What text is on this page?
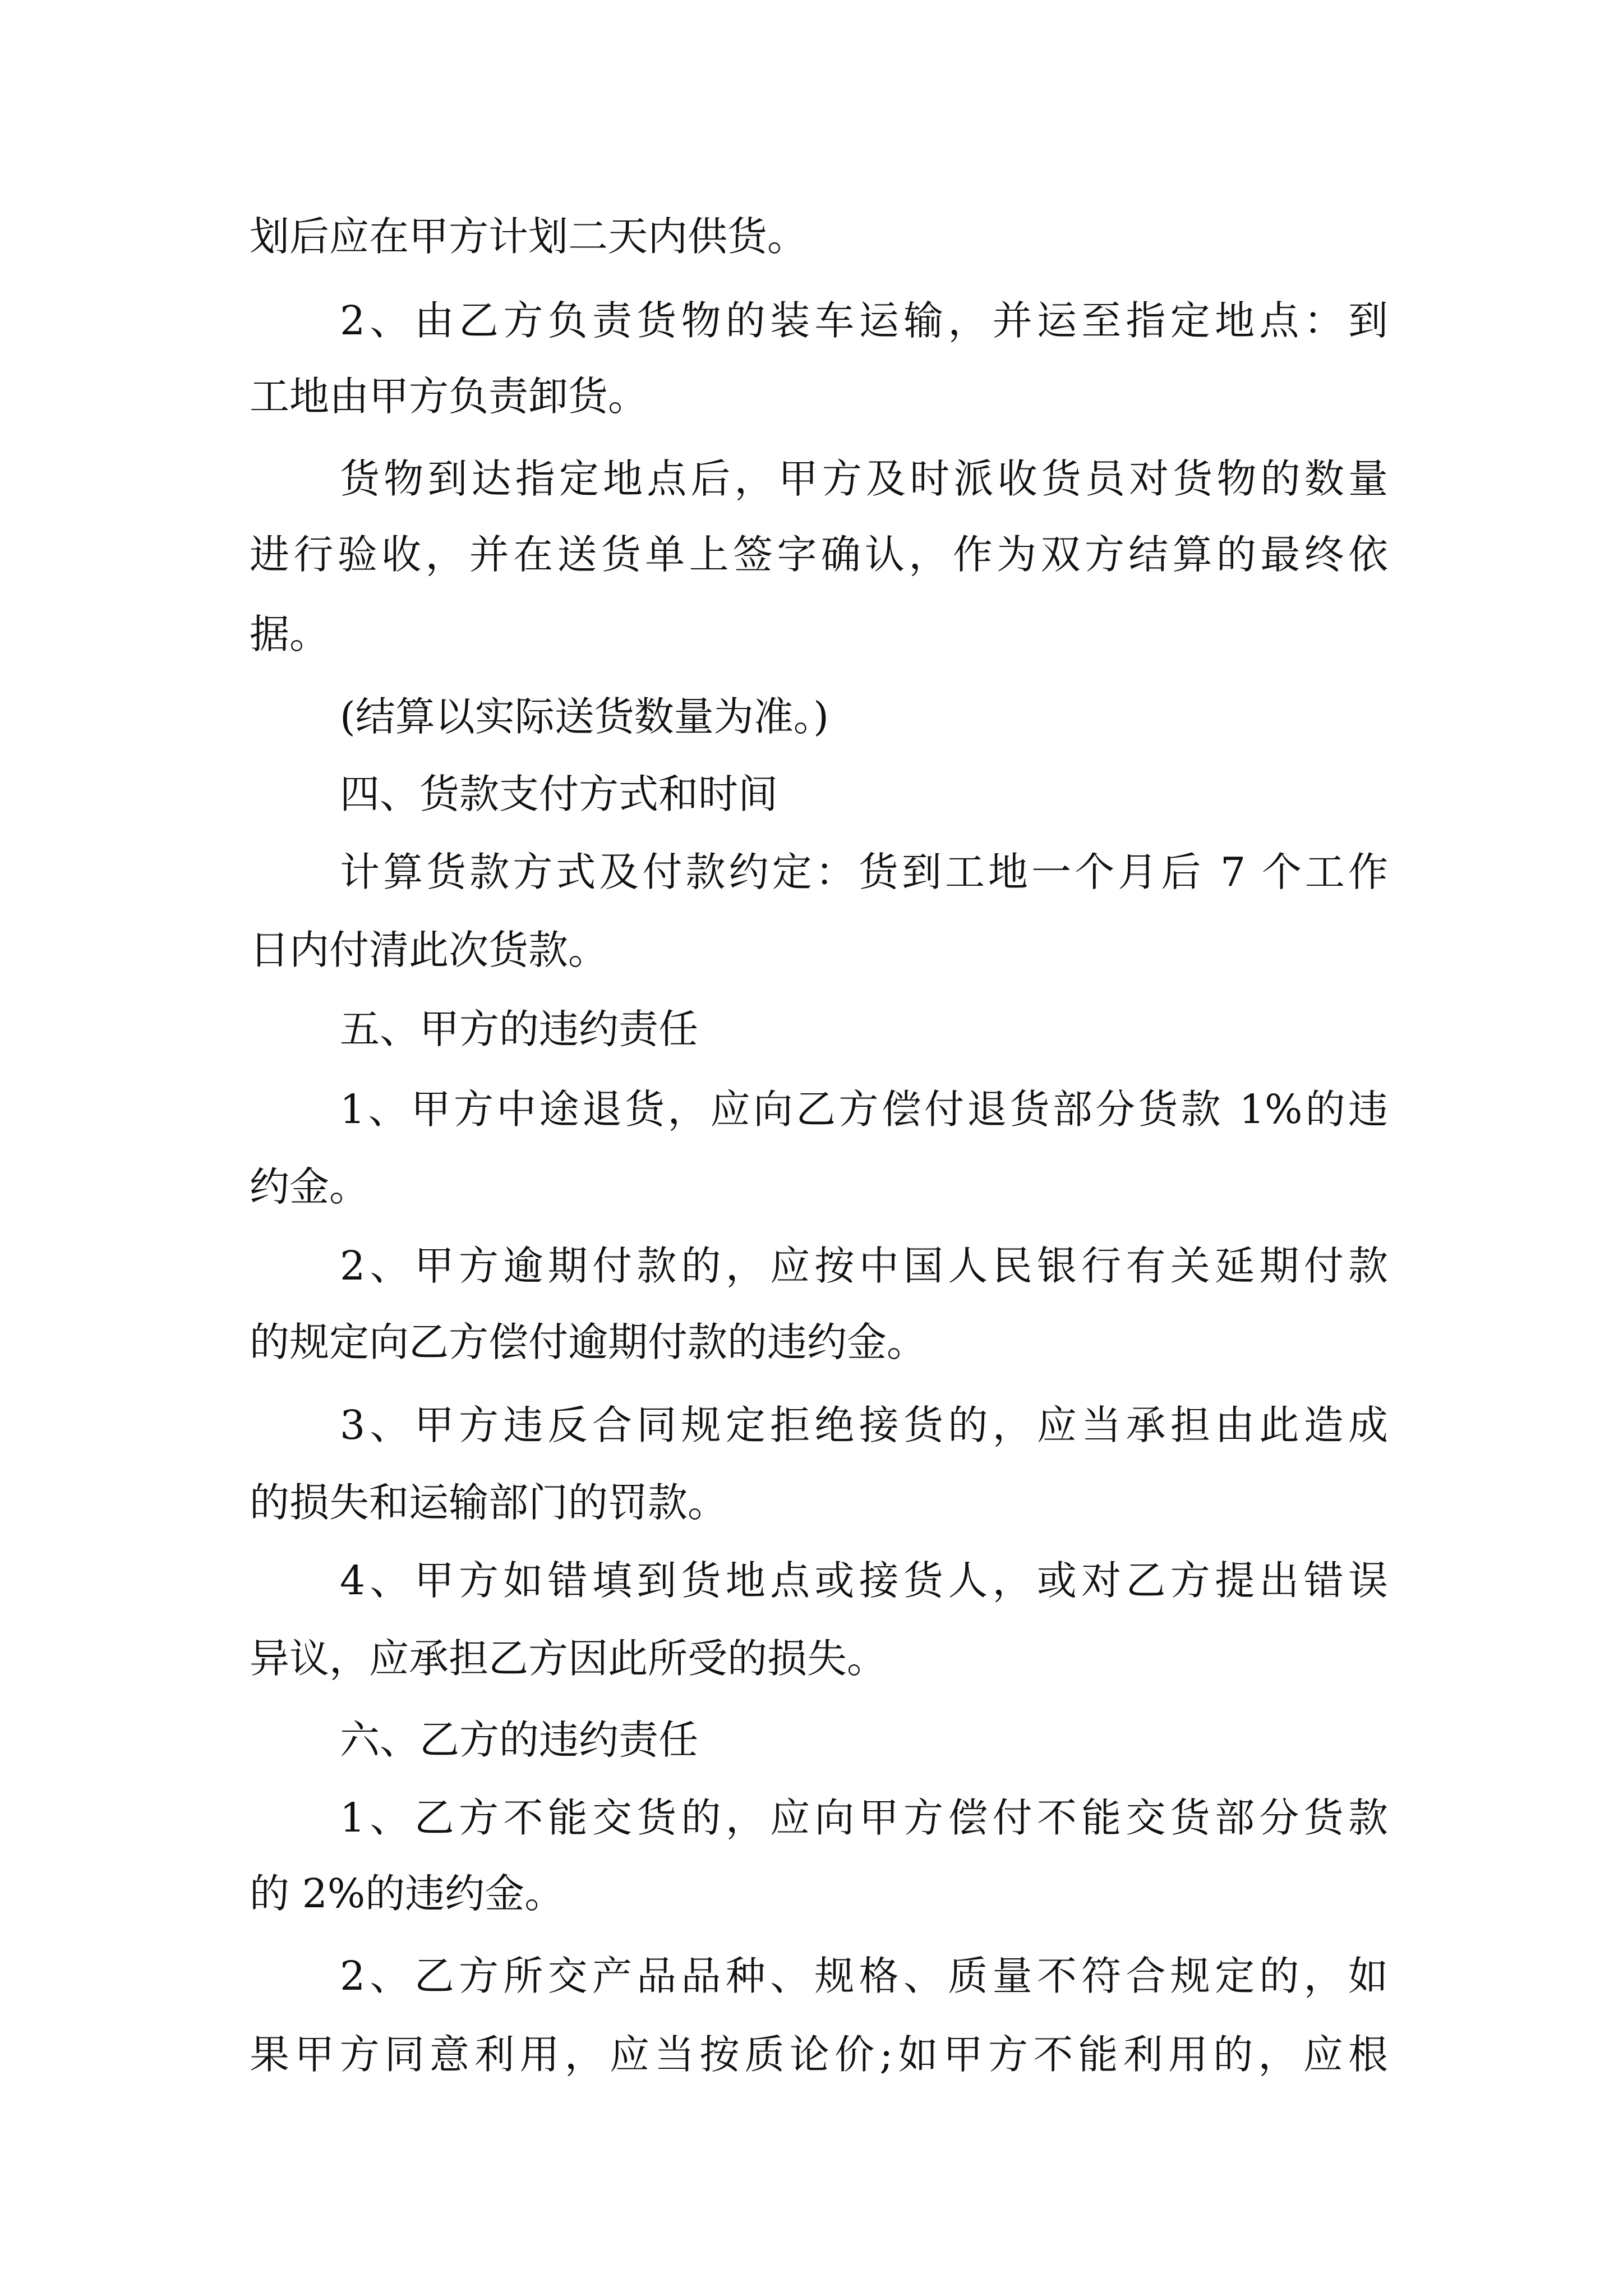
划后应在甲方计划二天内供货。

2、由乙方负责货物的装车运输，并运至指定地点：到

工地由甲方负责卸货。

货物到达指定地点后，甲方及时派收货员对货物的数量

进行验收，并在送货单上签字确认，作为双方结算的最终依

据。

(结算以实际送货数量为准。)

四、货款支付方式和时间

计算货款方式及付款约定：货到工地一个月后 7 个工作

日内付清此次货款。

五、甲方的违约责任

1、甲方中途退货，应向乙方偿付退货部分货款 1%的违

约金。

2、甲方逾期付款的，应按中国人民银行有关延期付款

的规定向乙方偿付逾期付款的违约金。

3、甲方违反合同规定拒绝接货的，应当承担由此造成

的损失和运输部门的罚款。

4、甲方如错填到货地点或接货人，或对乙方提出错误

异议，应承担乙方因此所受的损失。

六、乙方的违约责任

1、乙方不能交货的，应向甲方偿付不能交货部分货款

的 2%的违约金。

2、乙方所交产品品种、规格、质量不符合规定的，如

果甲方同意利用，应当按质论价;如甲方不能利用的，应根
